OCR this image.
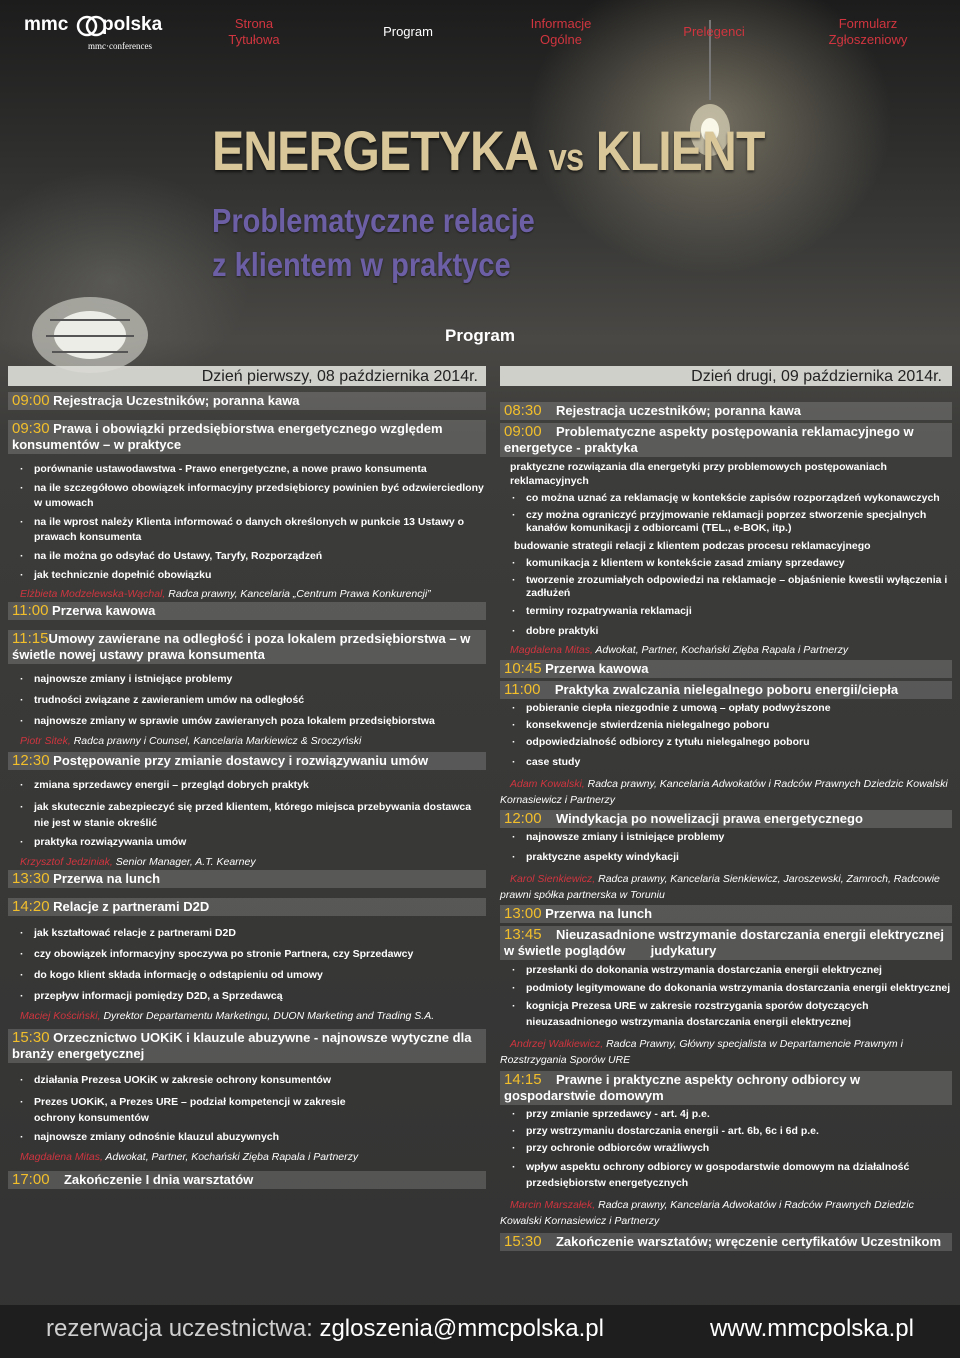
mmc polska
mmc·conferences
Strona
Tytułowa
Program
Informacje
Ogólne
Prelegenci
Formularz
Zgłoszeniowy
ENERGETYKA vs KLIENT
Problematyczne relacje
z klientem w praktyce
Program
Dzień pierwszy, 08 października 2014r.
09:00 Rejestracja Uczestników; poranna kawa
09:30 Prawa i obowiązki przedsiębiorstwa energetycznego względem konsumentów – w praktyce
· porównanie ustawodawstwa - Prawo energetyczne, a nowe prawo konsumenta
· na ile szczegółowo obowiązek informacyjny przedsiębiorcy powinien być odzwierciedlony w umowach
· na ile wprost należy Klienta informować o danych określonych w punkcie 13 Ustawy o prawach konsumenta
· na ile można go odsyłać do Ustawy, Taryfy, Rozporządzeń
· jak technicznie dopełnić obowiązku
Elżbieta Modzelewska-Wąchal, Radca prawny, Kancelaria „Centrum Prawa Konkurencji”
11:00 Przerwa kawowa
11:15Umowy zawierane na odległość i poza lokalem przedsiębiorstwa – w świetle nowej ustawy prawa konsumenta
· najnowsze zmiany i istniejące problemy
· trudności związane z zawieraniem umów na odległość
· najnowsze zmiany w sprawie umów zawieranych poza lokalem przedsiębiorstwa
Piotr Sitek, Radca prawny i Counsel, Kancelaria Markiewicz & Sroczyński
12:30 Postępowanie przy zmianie dostawcy i rozwiązywaniu umów
· zmiana sprzedawcy energii – przegląd dobrych praktyk
· jak skutecznie zabezpieczyć się przed klientem, którego miejsca przebywania dostawca nie jest w stanie określić
· praktyka rozwiązywania umów
Krzysztof Jedziniak, Senior Manager, A.T. Kearney
13:30 Przerwa na lunch
14:20 Relacje z partnerami D2D
· jak kształtować relacje z partnerami D2D
· czy obowiązek informacyjny spoczywa po stronie Partnera, czy Sprzedawcy
· do kogo klient składa informację o odstąpieniu od umowy
· przepływ informacji pomiędzy D2D, a Sprzedawcą
Maciej Kościński, Dyrektor Departamentu Marketingu, DUON Marketing and Trading S.A.
15:30 Orzecznictwo UOKiK i klauzule abuzywne - najnowsze wytyczne dla branży energetycznej
· działania Prezesa UOKiK w zakresie ochrony konsumentów
· Prezes UOKiK, a Prezes URE – podział kompetencji w zakresie
ochrony konsumentów
· najnowsze zmiany odnośnie klauzul abuzywnych
Magdalena Mitas, Adwokat, Partner, Kochański Zięba Rapala i Partnerzy
17:00    Zakończenie I dnia warsztatów
Dzień drugi, 09 października 2014r.
08:30    Rejestracja uczestników; poranna kawa
09:00    Problematyczne aspekty postępowania reklamacyjnego w energetyce - praktyka
praktyczne rozwiązania dla energetyki przy problemowych postępowaniach reklamacyjnych
· co można uznać za reklamację w kontekście zapisów rozporządzeń wykonawczych
· czy można ograniczyć przyjmowanie reklamacji poprzez stworzenie specjalnych kanałów komunikacji z odbiorcami (TEL., e-BOK, itp.)
budowanie strategii relacji z klientem podczas procesu reklamacyjnego
· komunikacja z klientem w kontekście zasad zmiany sprzedawcy
· tworzenie zrozumiałych odpowiedzi na reklamacje – objaśnienie kwestii wyłączenia i zadłużeń
· terminy rozpatrywania reklamacji
· dobre praktyki
Magdalena Mitas, Adwokat, Partner, Kochański Zięba Rapala i Partnerzy
10:45 Przerwa kawowa
11:00    Praktyka zwalczania nielegalnego poboru energii/ciepła
· pobieranie ciepła niezgodnie z umową – opłaty podwyższone
· konsekwencje stwierdzenia nielegalnego poboru
· odpowiedzialność odbiorcy z tytułu nielegalnego poboru
· case study
Adam Kowalski, Radca prawny, Kancelaria Adwokatów i Radców Prawnych Dziedzic Kowalski Kornasiewicz i Partnerzy
12:00    Windykacja po nowelizacji prawa energetycznego
· najnowsze zmiany i istniejące problemy
· praktyczne aspekty windykacji
Karol Sienkiewicz, Radca prawny, Kancelaria Sienkiewicz, Jaroszewski, Zamroch, Radcowie prawni spółka partnerska w Toruniu
13:00 Przerwa na lunch
13:45    Nieuzasadnione wstrzymanie dostarczania energii elektrycznej w świetle poglądów       judykatury
· przesłanki do dokonania wstrzymania dostarczania energii elektrycznej
· podmioty legitymowane do dokonania wstrzymania dostarczania energii elektrycznej
· kognicja Prezesa URE w zakresie rozstrzygania sporów dotyczących nieuzasadnionego wstrzymania dostarczania energii elektrycznej
Andrzej Walkiewicz, Radca Prawny, Główny specjalista w Departamencie Prawnym i Rozstrzygania Sporów URE
14:15    Prawne i praktyczne aspekty ochrony odbiorcy w gospodarstwie domowym
· przy zmianie sprzedawcy - art. 4j p.e.
· przy wstrzymaniu dostarczania energii - art. 6b, 6c i 6d p.e.
· przy ochronie odbiorców wrażliwych
· wpływ aspektu ochrony odbiorcy w gospodarstwie domowym na działalność przedsiębiorstw energetycznych
Marcin Marszałek, Radca prawny, Kancelaria Adwokatów i Radców Prawnych Dziedzic Kowalski Kornasiewicz i Partnerzy
15:30    Zakończenie warsztatów; wręczenie certyfikatów Uczestnikom
rezerwacja uczestnictwa: zgloszenia@mmcpolska.pl	www.mmcpolska.pl
